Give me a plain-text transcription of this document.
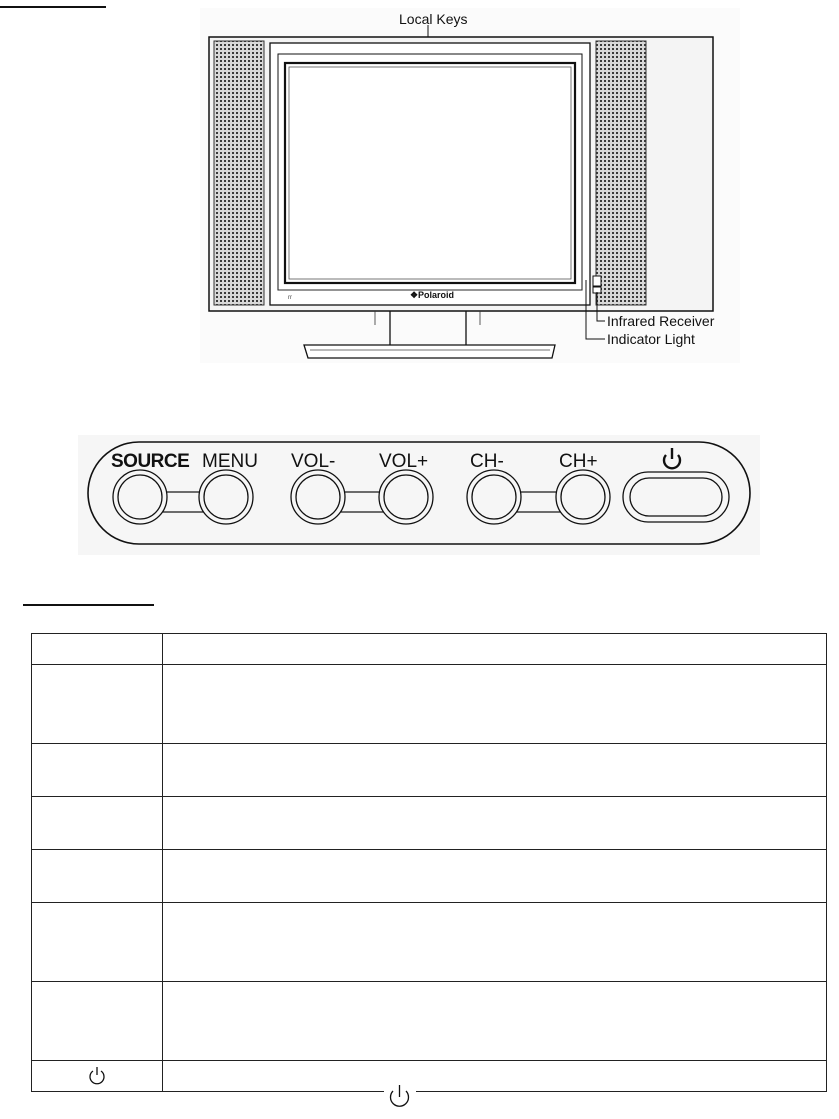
rr	❖
Local Keys
Infrared Receiver
Indicator Light
Polaroid
SOURCE MENU VOL- VOL+ CH-	CH+
